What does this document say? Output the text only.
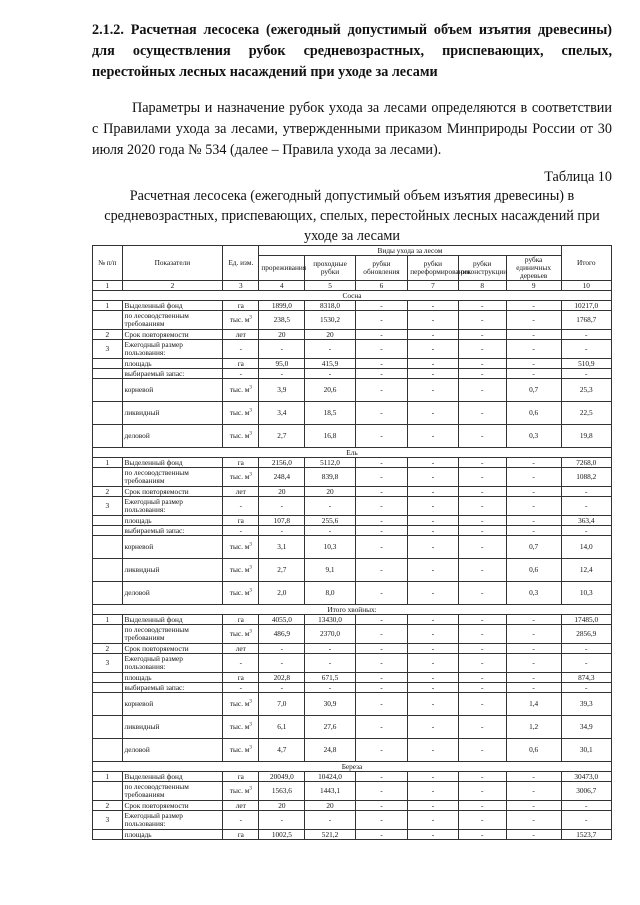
2.1.2. Расчетная лесосека (ежегодный допустимый объем изъятия древесины) для осуществления рубок средневозрастных, приспевающих, спелых, перестойных лесных насаждений при уходе за лесами
Параметры и назначение рубок ухода за лесами определяются в соответствии с Правилами ухода за лесами, утвержденными приказом Минприроды России от 30 июля 2020 года № 534 (далее – Правила ухода за лесами).
Таблица 10
Расчетная лесосека (ежегодный допустимый объем изъятия древесины) в средневозрастных, приспевающих, спелых, перестойных лесных насаждений при уходе за лесами
№ п/п	Показатели	Ед. изм.	Виды ухода за лесом						Итого
			прореживания	проходные рубки	рубки обновления	рубки переформирования	рубки реконструкции	рубка единичных деревьев	
1	2	3	4	5	6	7	8	9	10
Сосна									
1	Выделенный фонд	га	1899,0	8318,0	-	-	-	-	10217,0
	по лесоводственным требованиям	тыс. $м^3$	238,5	1530,2	-	-	-	-	1768,7
2	Срок повторяемости	лет	20	20	-	-	-	-	-
3	Ежегодный размер пользования:	-	-	-	-	-	-	-	-
	площадь	га	95,0	415,9	-	-	-	-	510,9
	выбираемый запас:	-	-	-	-	-	-	-	-
	корневой	тыс. $м^3$	3,9	20,6	-	-	-	0,7	25,3
	ликвидный	тыс. $м^3$	3,4	18,5	-	-	-	0,6	22,5
	деловой	тыс. $м^3$	2,7	16,8	-	-	-	0,3	19,8
Ель									
1	Выделенный фонд	га	2156,0	5112,0	-	-	-	-	7268,0
	по лесоводственным требованиям	тыс. $м^3$	248,4	839,8	-	-	-	-	1088,2
2	Срок повторяемости	лет	20	20	-	-	-	-	-
3	Ежегодный размер пользования:	-	-	-	-	-	-	-	-
	площадь	га	107,8	255,6	-	-	-	-	363,4
	выбираемый запас:	-	-	-	-	-	-	-	-
	корневой	тыс. $м^3$	3,1	10,3	-	-	-	0,7	14,0
	ликвидный	тыс. $м^3$	2,7	9,1	-	-	-	0,6	12,4
	деловой	тыс. $м^3$	2,0	8,0	-	-	-	0,3	10,3
Итого хвойных:									
1	Выделенный фонд	га	4055,0	13430,0	-	-	-	-	17485,0
	по лесоводственным требованиям	тыс. $м^3$	486,9	2370,0	-	-	-	-	2856,9
2	Срок повторяемости	лет	-	-	-	-	-	-	-
3	Ежегодный размер пользования:	-	-	-	-	-	-	-	-
	площадь	га	202,8	671,5	-	-	-	-	874,3
	выбираемый запас:	-	-	-	-	-	-	-	-
	корневой	тыс. $м^3$	7,0	30,9	-	-	-	1,4	39,3
	ликвидный	тыс. $м^3$	6,1	27,6	-	-	-	1,2	34,9
	деловой	тыс. $м^3$	4,7	24,8	-	-	-	0,6	30,1
Береза									
1	Выделенный фонд	га	20049,0	10424,0	-	-	-	-	30473,0
	по лесоводственным требованиям	тыс. $м^3$	1563,6	1443,1	-	-	-	-	3006,7
2	Срок повторяемости	лет	20	20	-	-	-	-	-
3	Ежегодный размер пользования:	-	-	-	-	-	-	-	-
	площадь	га	1002,5	521,2	-	-	-	-	1523,7
